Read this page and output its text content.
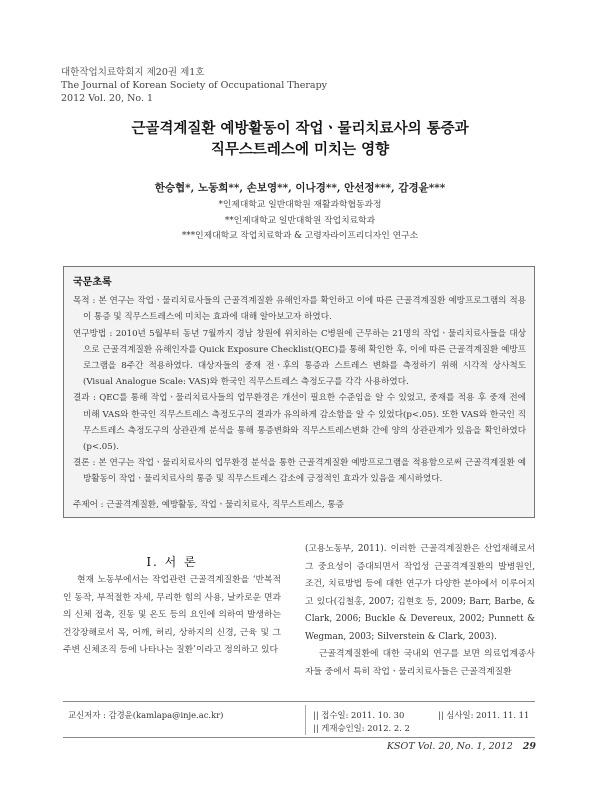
대한작업치료학회지 제20권 제1호
The Journal of Korean Society of Occupational Therapy
2012 Vol. 20, No. 1
근골격계질환 예방활동이 작업ㆍ물리치료사의 통증과
직무스트레스에 미치는 영향
한승협*, 노동희**, 손보영**, 이나경**, 안선정***, 감경윤***
*인제대학교 일반대학원 재활과학협동과정
**인제대학교 일반대학원 작업치료학과
***인제대학교 작업치료학과 & 고령자라이프리디자인 연구소
국문초록
목적 : 본 연구는 작업ㆍ물리치료사들의 근골격계질환 유해인자를 확인하고 이에 따른 근골격계질환 예방프로그램의 적용이 통증 및 직무스트레스에 미치는 효과에 대해 알아보고자 하였다.
연구방법 : 2010년 5월부터 동년 7월까지 경남 창원에 위치하는 C병원에 근무하는 21명의 작업ㆍ물리치료사들을 대상으로 근골격계질환 유해인자를 Quick Exposure Checklist(QEC)를 통해 확인한 후, 이에 따른 근골격계질환 예방프로그램을 8주간 적용하였다. 대상자들의 중재 전ㆍ후의 통증과 스트레스 변화를 측정하기 위해 시각적 상사척도(Visual Analogue Scale: VAS)와 한국인 직무스트레스 측정도구를 각각 사용하였다.
결과 : QEC를 통해 작업ㆍ물리치료사들의 업무환경은 개선이 필요한 수준임을 알 수 있었고, 중재를 적용 후 중재 전에 비해 VAS와 한국인 직무스트레스 측정도구의 결과가 유의하게 감소함을 알 수 있었다(p<.05). 또한 VAS와 한국인 직무스트레스 측정도구의 상관관계 분석을 통해 통증변화와 직무스트레스변화 간에 양의 상관관계가 있음을 확인하였다(p<.05).
결론 : 본 연구는 작업ㆍ물리치료사의 업무환경 분석을 통한 근골격계질환 예방프로그램을 적용함으로써 근골격계질환 예방활동이 작업ㆍ물리치료사의 통증 및 직무스트레스 감소에 긍정적인 효과가 있음을 제시하였다.
주제어 : 근골격계질환, 예방활동, 작업ㆍ물리치료사, 직무스트레스, 통증
Ⅰ. 서 론
현재 노동부에서는 작업관련 근골격계질환을 ‘반복적인 동작, 부적절한 자세, 무리한 힘의 사용, 날카로운 면과의 신체 접촉, 진동 및 온도 등의 요인에 의하여 발생하는 건강장해로서 목, 어깨, 허리, 상하지의 신경, 근육 및 그 주변 신체조직 등에 나타나는 질환’이라고 정의하고 있다
(고용노동부, 2011). 이러한 근골격계질환은 산업재해로서 그 중요성이 증대되면서 작업성 근골격계질환의 발병원인, 조건, 치료방법 등에 대한 연구가 다양한 분야에서 이루어지고 있다(김철홍, 2007; 김현호 등, 2009; Barr, Barbe, & Clark, 2006; Buckle & Devereux, 2002; Punnett & Wegman, 2003; Silverstein & Clark, 2003).
근골격계질환에 대한 국내외 연구를 보면 의료업계종사자들 중에서 특히 작업ㆍ물리치료사들은 근골격계질환
교신저자 : 감경윤(kamlapa@inje.ac.kr)	|| 접수일: 2011. 10. 30	|| 심사일: 2011. 11. 11
|| 게재승인일: 2012. 2. 2
KSOT Vol. 20, No. 1, 2012 29
